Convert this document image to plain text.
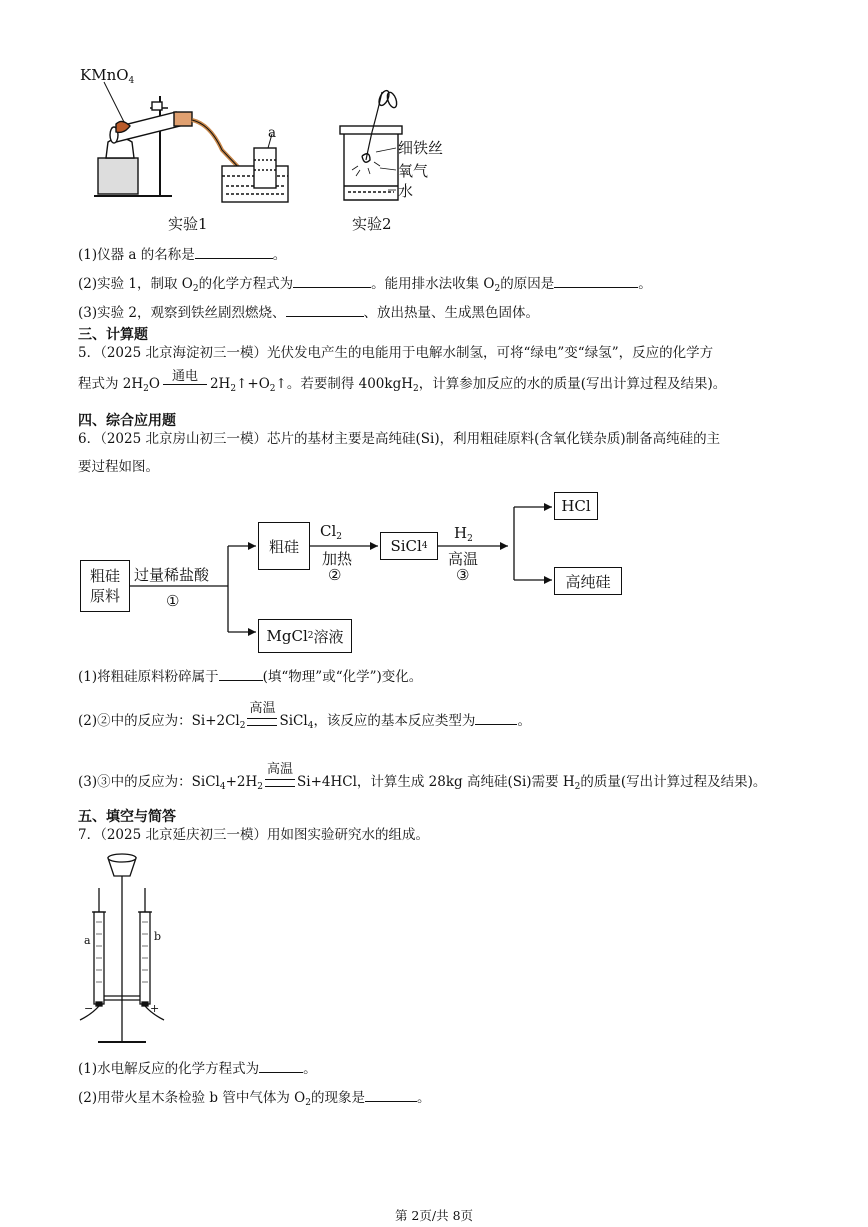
KMnO$_4$
a
实验1
细铁丝
氧气
水
实验2
(1)仪器 a 的名称是	。
(2)实验 1，制取 $O_2$的化学方程式为	。能用排水法收集 $O_2$的原因是	。
(3)实验 2，观察到铁丝剧烈燃烧、	、放出热量、生成黑色固体。
三、计算题
5．（2025 北京海淀初三一模）光伏发电产生的电能用于电解水制氢，可将“绿电”变“绿氢”，反应的化学方
程式为 $2H_2O$ 通电 $2H_2↑+O_2↑$。若要制得 400kgH$_2$，计算参加反应的水的质量(写出计算过程及结果)。
四、综合应用题
6．（2025 北京房山初三一模）芯片的基材主要是高纯硅(Si)，利用粗硅原料(含氧化镁杂质)制备高纯硅的主
要过程如图。
粗硅
原料
过量稀盐酸
①
粗硅
$Cl_2$
加热
②
SiCl 4
$H_2$
高温
③
HCl
高纯硅
MgCl 2 溶液
(1)将粗硅原料粉碎属于	(填“物理”或“化学”)变化。
(2)②中的反应为：$Si+2Cl_2$
高温
SiCl$_4$，该反应的基本反应类型为	。
(3)③中的反应为：$SiCl_4+2H_2$
高温
Si+4HCl，计算生成 28kg 高纯硅(Si)需要 $H_2$的质量(写出计算过程及结果)。
五、填空与简答
7．（2025 北京延庆初三一模）用如图实验研究水的组成。
a	b
−	+
(1)水电解反应的化学方程式为	。
(2)用带火星木条检验 b 管中气体为 $O_2$的现象是	。
第 2页/共 8页
